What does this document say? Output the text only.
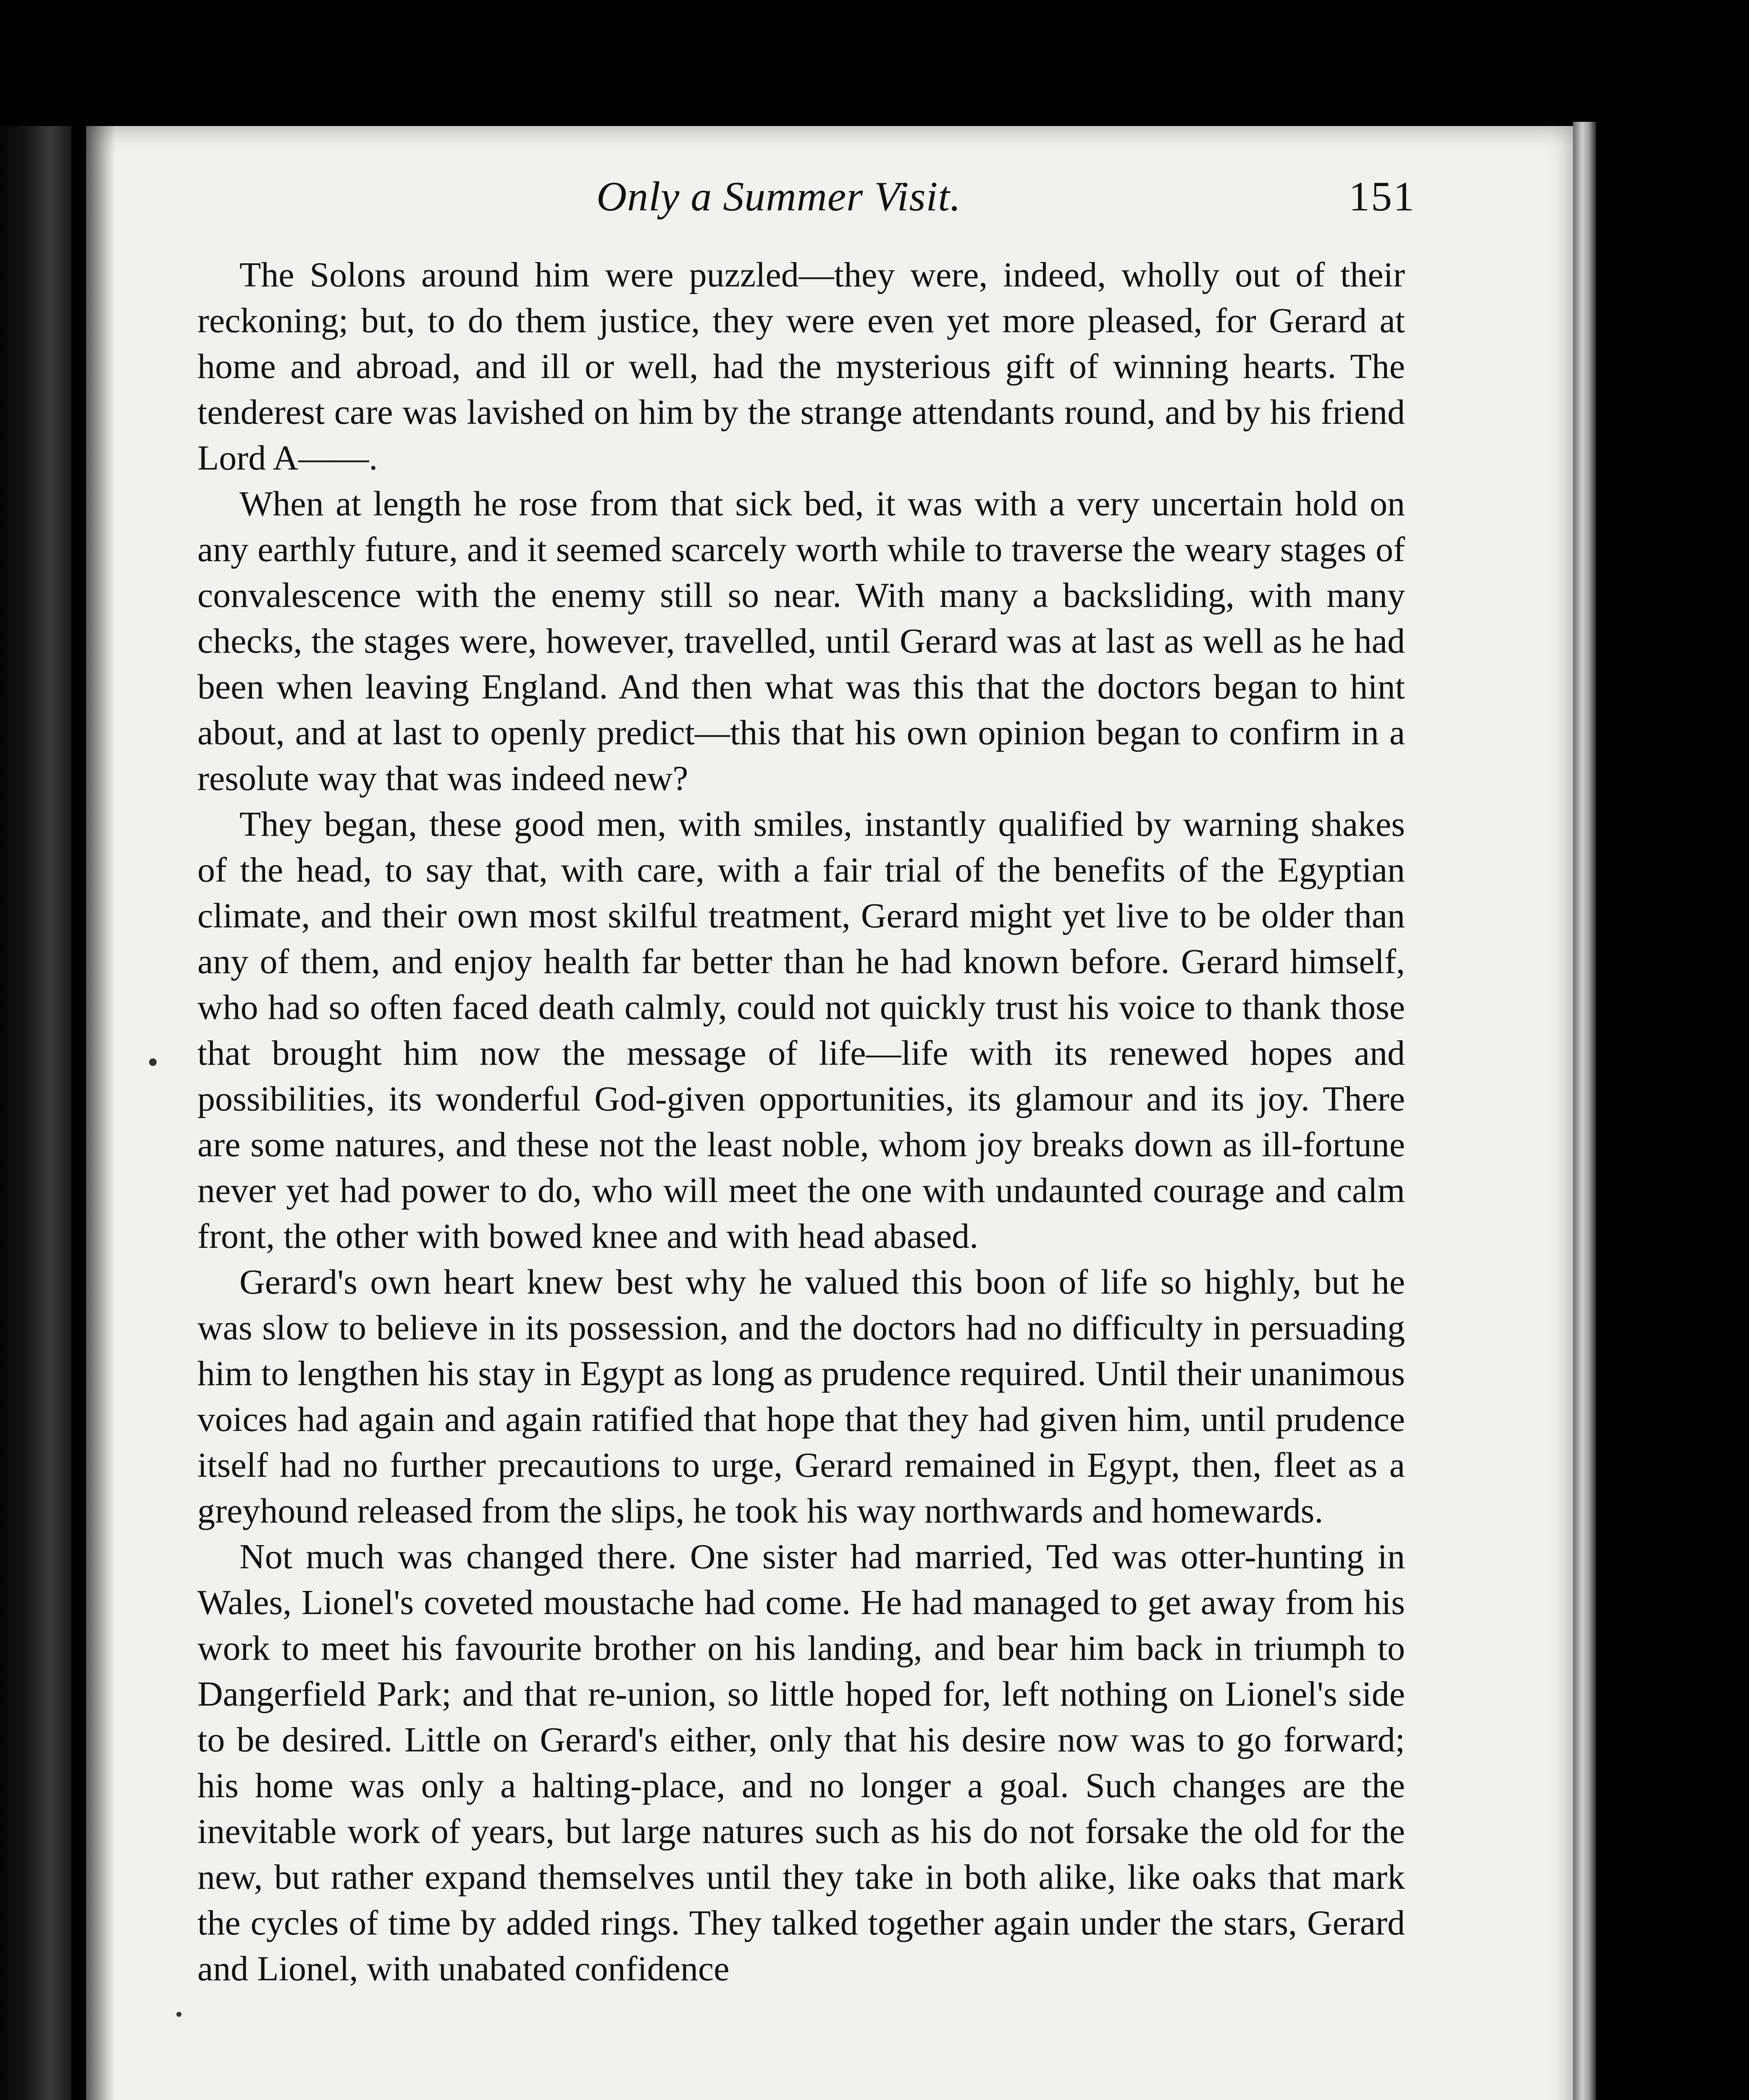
Only a Summer Visit.	151

The Solons around him were puzzled—they were, indeed, wholly out of their reckoning; but, to do them justice, they were even yet more pleased, for Gerard at home and abroad, and ill or well, had the mysterious gift of winning hearts. The tenderest care was lavished on him by the strange attendants round, and by his friend Lord A——.

When at length he rose from that sick bed, it was with a very uncertain hold on any earthly future, and it seemed scarcely worth while to traverse the weary stages of convalescence with the enemy still so near. With many a backsliding, with many checks, the stages were, however, travelled, until Gerard was at last as well as he had been when leaving England. And then what was this that the doctors began to hint about, and at last to openly predict—this that his own opinion began to confirm in a resolute way that was indeed new?

They began, these good men, with smiles, instantly qualified by warning shakes of the head, to say that, with care, with a fair trial of the benefits of the Egyptian climate, and their own most skilful treatment, Gerard might yet live to be older than any of them, and enjoy health far better than he had known before. Gerard himself, who had so often faced death calmly, could not quickly trust his voice to thank those that brought him now the message of life—life with its renewed hopes and possibilities, its wonderful God-given opportunities, its glamour and its joy. There are some natures, and these not the least noble, whom joy breaks down as ill-fortune never yet had power to do, who will meet the one with undaunted courage and calm front, the other with bowed knee and with head abased.

Gerard's own heart knew best why he valued this boon of life so highly, but he was slow to believe in its possession, and the doctors had no difficulty in persuading him to lengthen his stay in Egypt as long as prudence required. Until their unanimous voices had again and again ratified that hope that they had given him, until prudence itself had no further precautions to urge, Gerard remained in Egypt, then, fleet as a greyhound released from the slips, he took his way northwards and homewards.

Not much was changed there. One sister had married, Ted was otter-hunting in Wales, Lionel's coveted moustache had come. He had managed to get away from his work to meet his favourite brother on his landing, and bear him back in triumph to Dangerfield Park; and that re-union, so little hoped for, left nothing on Lionel's side to be desired. Little on Gerard's either, only that his desire now was to go forward; his home was only a halting-place, and no longer a goal. Such changes are the inevitable work of years, but large natures such as his do not forsake the old for the new, but rather expand themselves until they take in both alike, like oaks that mark the cycles of time by added rings. They talked together again under the stars, Gerard and Lionel, with unabated confidence
